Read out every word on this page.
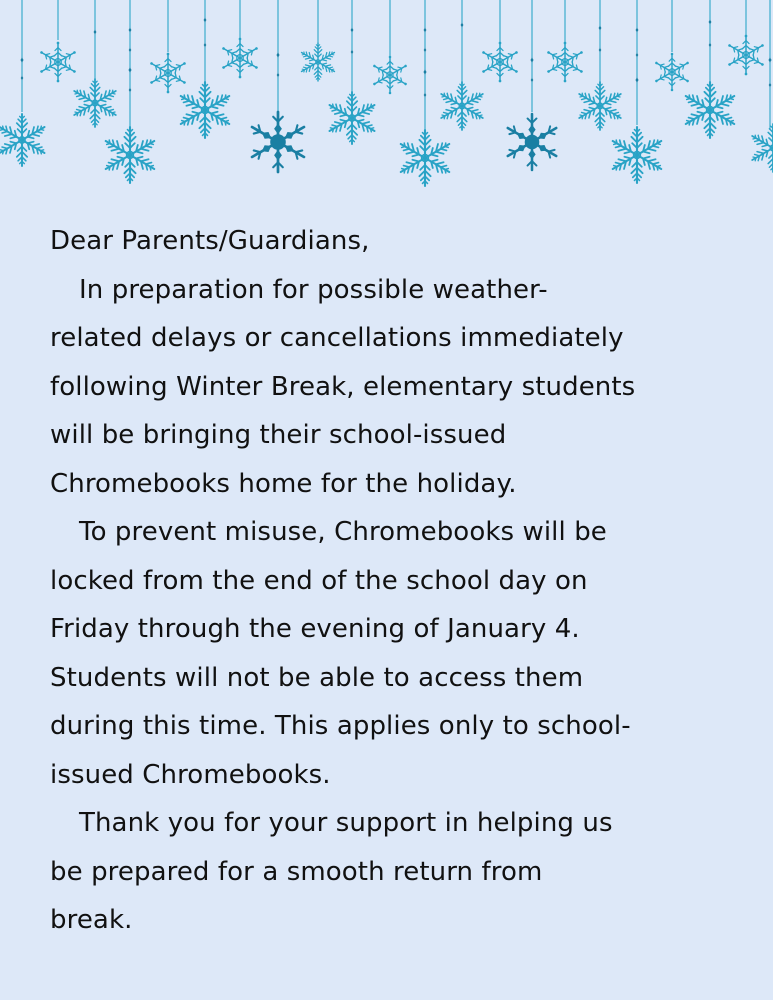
Dear Parents/Guardians,
In preparation for possible weather-
related delays or cancellations immediately
following Winter Break, elementary students
will be bringing their school-issued
Chromebooks home for the holiday.
To prevent misuse, Chromebooks will be
locked from the end of the school day on
Friday through the evening of January 4.
Students will not be able to access them
during this time. This applies only to school-
issued Chromebooks.
Thank you for your support in helping us
be prepared for a smooth return from
break.
